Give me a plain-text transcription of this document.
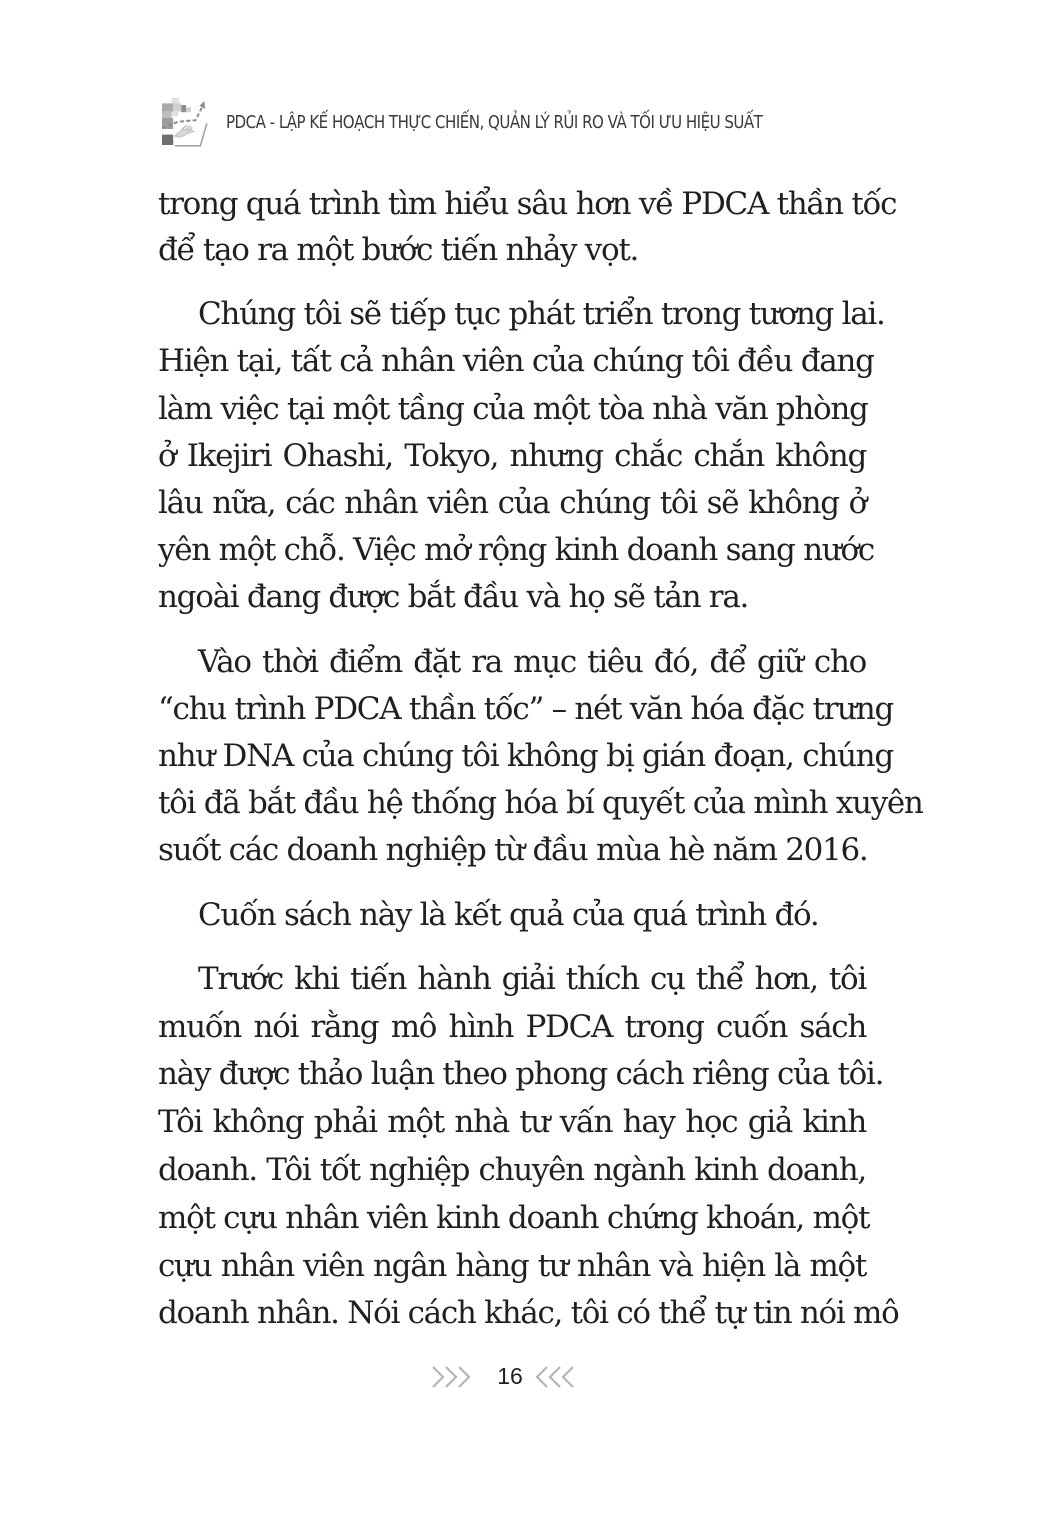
PDCA - LẬP KẾ HOẠCH THỰC CHIẾN, QUẢN LÝ RỦI RO VÀ TỐI ƯU HIỆU SUẤT
trong quá trình tìm hiểu sâu hơn về PDCA thần tốc
để tạo ra một bước tiến nhảy vọt.
Chúng tôi sẽ tiếp tục phát triển trong tương lai.
Hiện tại, tất cả nhân viên của chúng tôi đều đang
làm việc tại một tầng của một tòa nhà văn phòng
ở Ikejiri Ohashi, Tokyo, nhưng chắc chắn không
lâu nữa, các nhân viên của chúng tôi sẽ không ở
yên một chỗ. Việc mở rộng kinh doanh sang nước
ngoài đang được bắt đầu và họ sẽ tản ra.
Vào thời điểm đặt ra mục tiêu đó, để giữ cho
“chu trình PDCA thần tốc” – nét văn hóa đặc trưng
như DNA của chúng tôi không bị gián đoạn, chúng
tôi đã bắt đầu hệ thống hóa bí quyết của mình xuyên
suốt các doanh nghiệp từ đầu mùa hè năm 2016.
Cuốn sách này là kết quả của quá trình đó.
Trước khi tiến hành giải thích cụ thể hơn, tôi
muốn nói rằng mô hình PDCA trong cuốn sách
này được thảo luận theo phong cách riêng của tôi.
Tôi không phải một nhà tư vấn hay học giả kinh
doanh. Tôi tốt nghiệp chuyên ngành kinh doanh,
một cựu nhân viên kinh doanh chứng khoán, một
cựu nhân viên ngân hàng tư nhân và hiện là một
doanh nhân. Nói cách khác, tôi có thể tự tin nói mô
16
